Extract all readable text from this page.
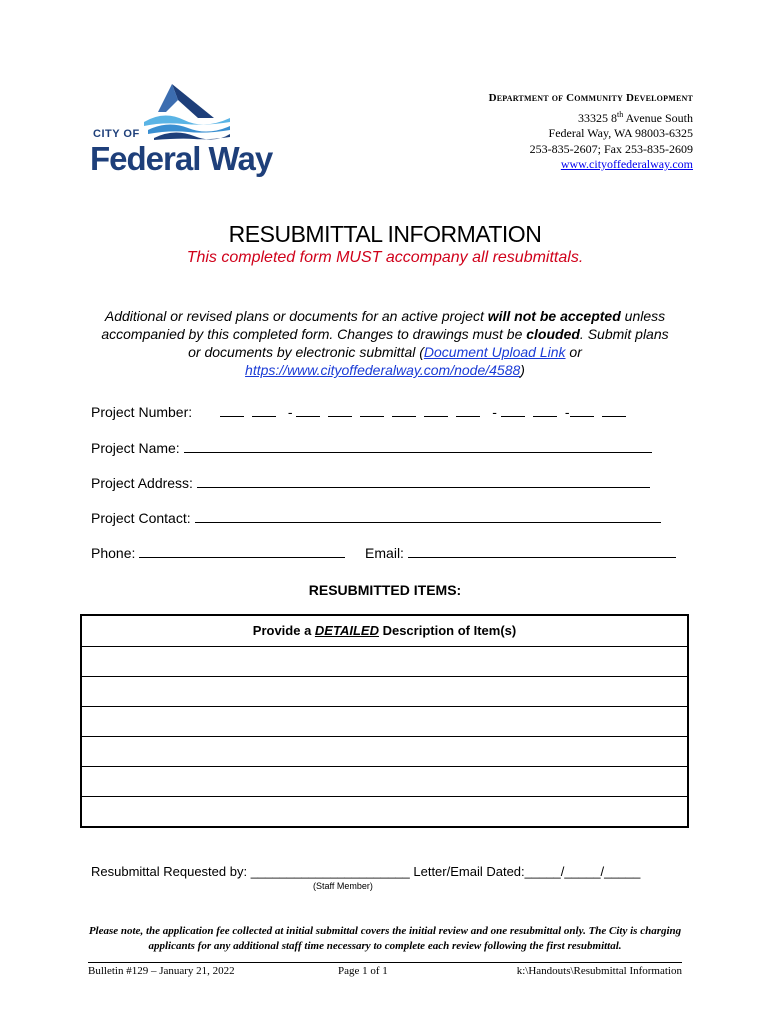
CITY OF
Federal Way
Department of Community Development
33325 8th Avenue South
Federal Way, WA 98003-6325
253-835-2607; Fax 253-835-2609
www.cityoffederalway.com
RESUBMITTAL INFORMATION
This completed form MUST accompany all resubmittals.
Additional or revised plans or documents for an active project will not be accepted unless accompanied by this completed form. Changes to drawings must be clouded. Submit plans or documents by electronic submittal (Document Upload Link or https://www.cityoffederalway.com/node/4588)
Project Number:	-	-	-
Project Name:
Project Address:
Project Contact:
Phone:	Email:
RESUBMITTED ITEMS:
Provide a DETAILED Description of Item(s)
Resubmittal Requested by: ______________________ Letter/Email Dated:_____/_____/_____
(Staff Member)
Please note, the application fee collected at initial submittal covers the initial review and one resubmittal only. The City is charging applicants for any additional staff time necessary to complete each review following the first resubmittal.
Bulletin #129 – January 21, 2022	Page 1 of 1	k:\Handouts\Resubmittal Information
